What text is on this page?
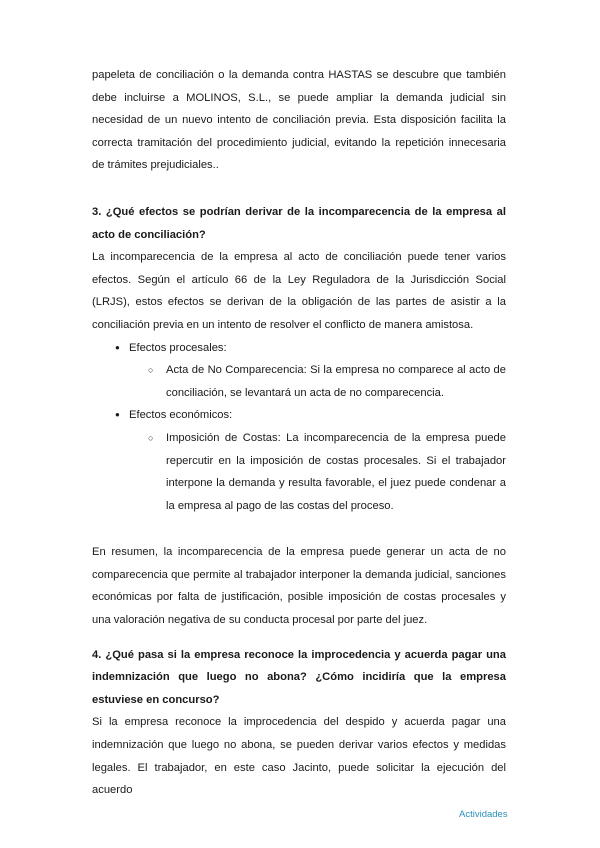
papeleta de conciliación o la demanda contra HASTAS se descubre que también debe incluirse a MOLINOS, S.L., se puede ampliar la demanda judicial sin necesidad de un nuevo intento de conciliación previa. Esta disposición facilita la correcta tramitación del procedimiento judicial, evitando la repetición innecesaria de trámites prejudiciales..

3. ¿Qué efectos se podrían derivar de la incomparecencia de la empresa al acto de conciliación?

La incomparecencia de la empresa al acto de conciliación puede tener varios efectos. Según el artículo 66 de la Ley Reguladora de la Jurisdicción Social (LRJS), estos efectos se derivan de la obligación de las partes de asistir a la conciliación previa en un intento de resolver el conflicto de manera amistosa.

● Efectos procesales:
○ Acta de No Comparecencia: Si la empresa no comparece al acto de conciliación, se levantará un acta de no comparecencia.
● Efectos económicos:
○ Imposición de Costas: La incomparecencia de la empresa puede repercutir en la imposición de costas procesales. Si el trabajador interpone la demanda y resulta favorable, el juez puede condenar a la empresa al pago de las costas del proceso.

En resumen, la incomparecencia de la empresa puede generar un acta de no comparecencia que permite al trabajador interponer la demanda judicial, sanciones económicas por falta de justificación, posible imposición de costas procesales y una valoración negativa de su conducta procesal por parte del juez.

4. ¿Qué pasa si la empresa reconoce la improcedencia y acuerda pagar una indemnización que luego no abona? ¿Cómo incidiría que la empresa estuviese en concurso?

Si la empresa reconoce la improcedencia del despido y acuerda pagar una indemnización que luego no abona, se pueden derivar varios efectos y medidas legales. El trabajador, en este caso Jacinto, puede solicitar la ejecución del acuerdo

Actividades
